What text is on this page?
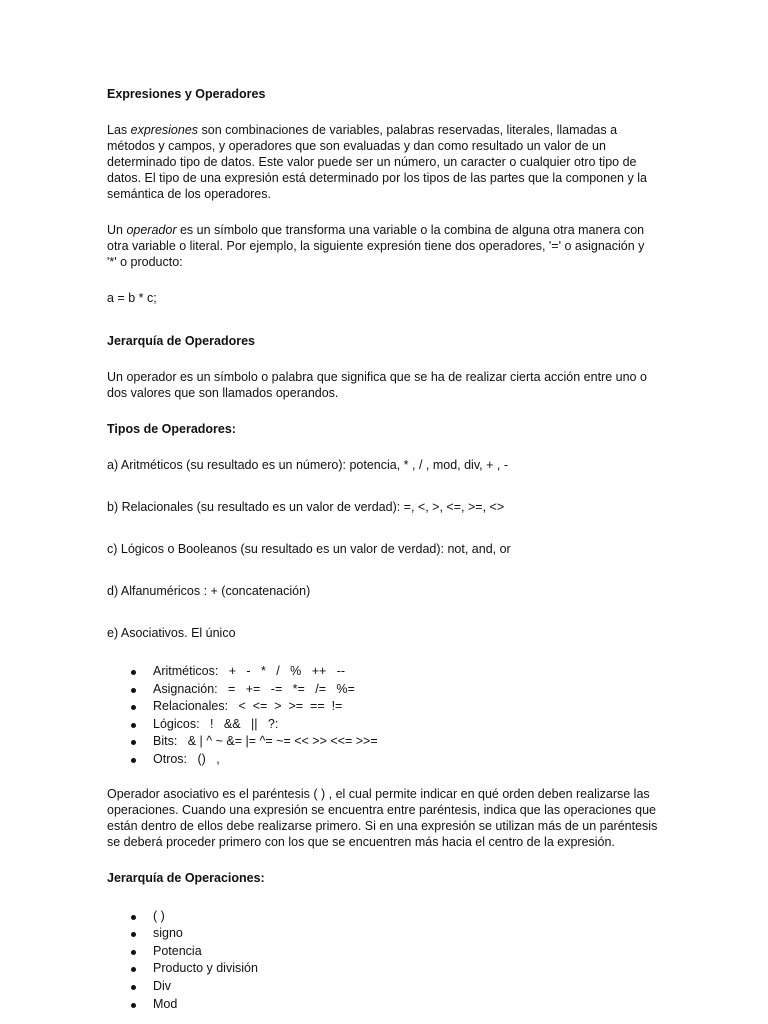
Expresiones y Operadores

Las expresiones son combinaciones de variables, palabras reservadas, literales, llamadas a métodos y campos, y operadores que son evaluadas y dan como resultado un valor de un determinado tipo de datos. Este valor puede ser un número, un caracter o cualquier otro tipo de datos. El tipo de una expresión está determinado por los tipos de las partes que la componen y la semántica de los operadores.

Un operador es un símbolo que transforma una variable o la combina de alguna otra manera con otra variable o literal. Por ejemplo, la siguiente expresión tiene dos operadores, '=' o asignación y '*' o producto:

a = b * c;

Jerarquía de Operadores

Un operador es un símbolo o palabra que significa que se ha de realizar cierta acción entre uno o dos valores que son llamados operandos.

Tipos de Operadores:

a) Aritméticos (su resultado es un número): potencia, * , / , mod, div, + , -

b) Relacionales (su resultado es un valor de verdad): =, <, >, <=, >=, <>

c) Lógicos o Booleanos (su resultado es un valor de verdad): not, and, or

d) Alfanuméricos : + (concatenación)

e) Asociativos. El único

Aritméticos:   +   -   *   /   %   ++   --
Asignación:   =   +=   -=   *=   /=   %=
Relacionales:   <  <=  >  >=  ==  !=
Lógicos:   !   &&   ||   ?:
Bits:   & | ^ ~ &= |= ^= ~= << >> <<= >>=
Otros:   ()   ,

Operador asociativo es el paréntesis ( ) , el cual permite indicar en qué orden deben realizarse las operaciones. Cuando una expresión se encuentra entre paréntesis, indica que las operaciones que están dentro de ellos debe realizarse primero. Si en una expresión se utilizan más de un paréntesis se deberá proceder primero con los que se encuentren más hacia el centro de la expresión.

Jerarquía de Operaciones:
( )
signo
Potencia
Producto y división
Div
Mod
